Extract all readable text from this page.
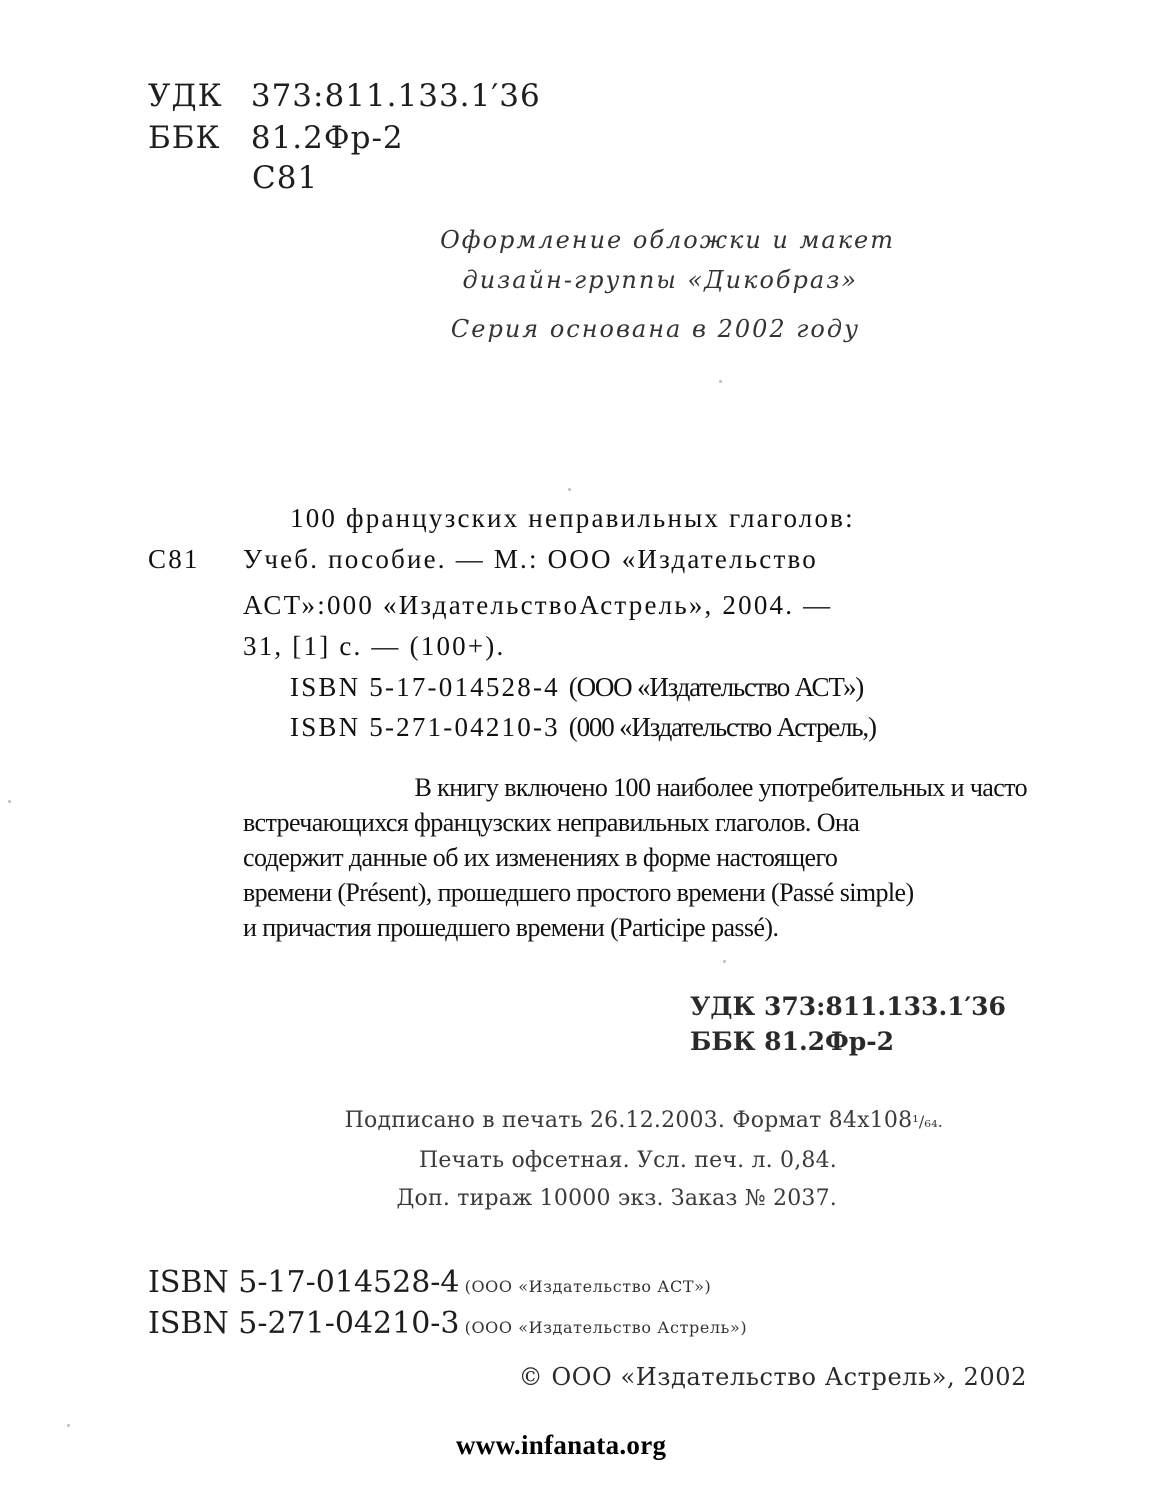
УДК 373:811.133.1′36
ББК 81.2Фр-2
С81
Оформление обложки и макет
дизайн-группы «Дикобраз»
Серия основана в 2002 году
100 французских неправильных глаголов:
С81 Учеб. пособие. — М.: ООО «Издательство
АСТ»:000 «ИздательствоАстрель», 2004. —
31, [1] с. — (100+).
ISBN 5-17-014528-4 (ООО «Издательство АСТ»)
ISBN 5-271-04210-3 (000 «Издательство Астрель,)
В книгу включено 100 наиболее употребительных и часто
встречающихся французских неправильных глаголов. Она
содержит данные об их изменениях в форме настоящего
времени (Présent), прошедшего простого времени (Passé simple)
и причастия прошедшего времени (Participe passé).
УДК 373:811.133.1′36
ББК 81.2Фр-2
Подписано в печать 26.12.2003. Формат 84x108¹/₆₄.
Печать офсетная. Усл. печ. л. 0,84.
Доп. тираж 10000 экз. Заказ № 2037.
ISBN 5-17-014528-4 (ООО «Издательство АСТ»)
ISBN 5-271-04210-3 (ООО «Издательство Астрель»)
© ООО «Издательство Астрель», 2002
www.infanata.org
